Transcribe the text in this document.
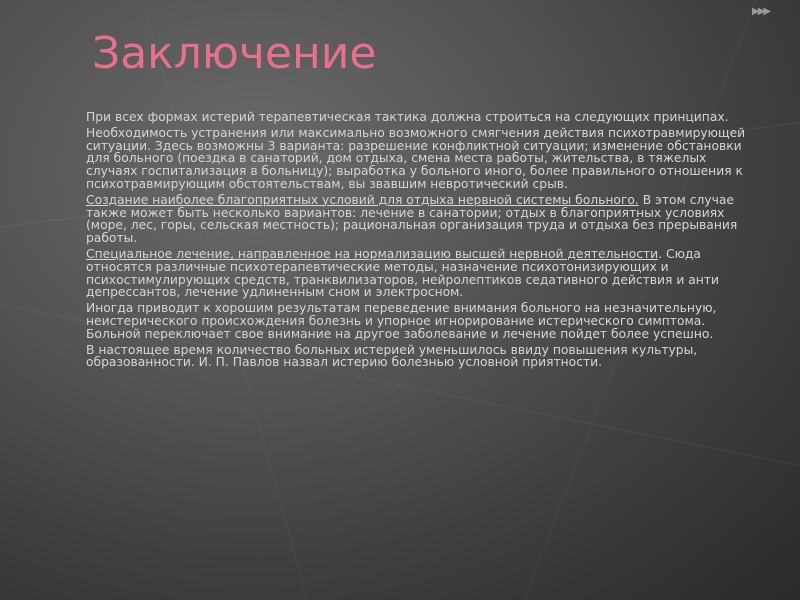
▶▶▶
Заключение

При всех формах истерий терапевтическая тактика должна строиться на следующих принципах.

Необходимость устранения или максимально возможного смягчения действия психотравмирующей ситуации. Здесь возможны 3 варианта: разрешение конфликтной ситуации; изменение обстановки для больного (поездка в санаторий, дом отдыха, смена места работы, жительства, в тяжелых случаях госпитализация в больницу); выработка у больного иного, более правильного отношения к психотравмирующим обстоятельствам, вы звавшим невротический срыв.

Создание наиболее благоприятных условий для отдыха нервной системы больного. В этом случае также может быть несколько вариантов: лечение в санатории; отдых в благоприятных условиях (море, лес, горы, сельская местность); рациональная организация труда и отдыха без прерывания работы.

Специальное лечение, направленное на нормализацию высшей нервной деятельности. Сюда относятся различные психотерапевтические методы, назначение психотонизирующих и психостимулирующих средств, транквилизаторов, нейролептиков седативного действия и анти депрессантов, лечение удлиненным сном и электросном.

Иногда приводит к хорошим результатам переведение внимания больного на незначительную, неистерического происхождения болезнь и упорное игнорирование истерического симптома. Больной переключает свое внимание на другое заболевание и лечение пойдет более успешно.

В настоящее время количество больных истерией уменьшилось ввиду повышения культуры, образованности. И. П. Павлов назвал истерию болезнью условной приятности.
